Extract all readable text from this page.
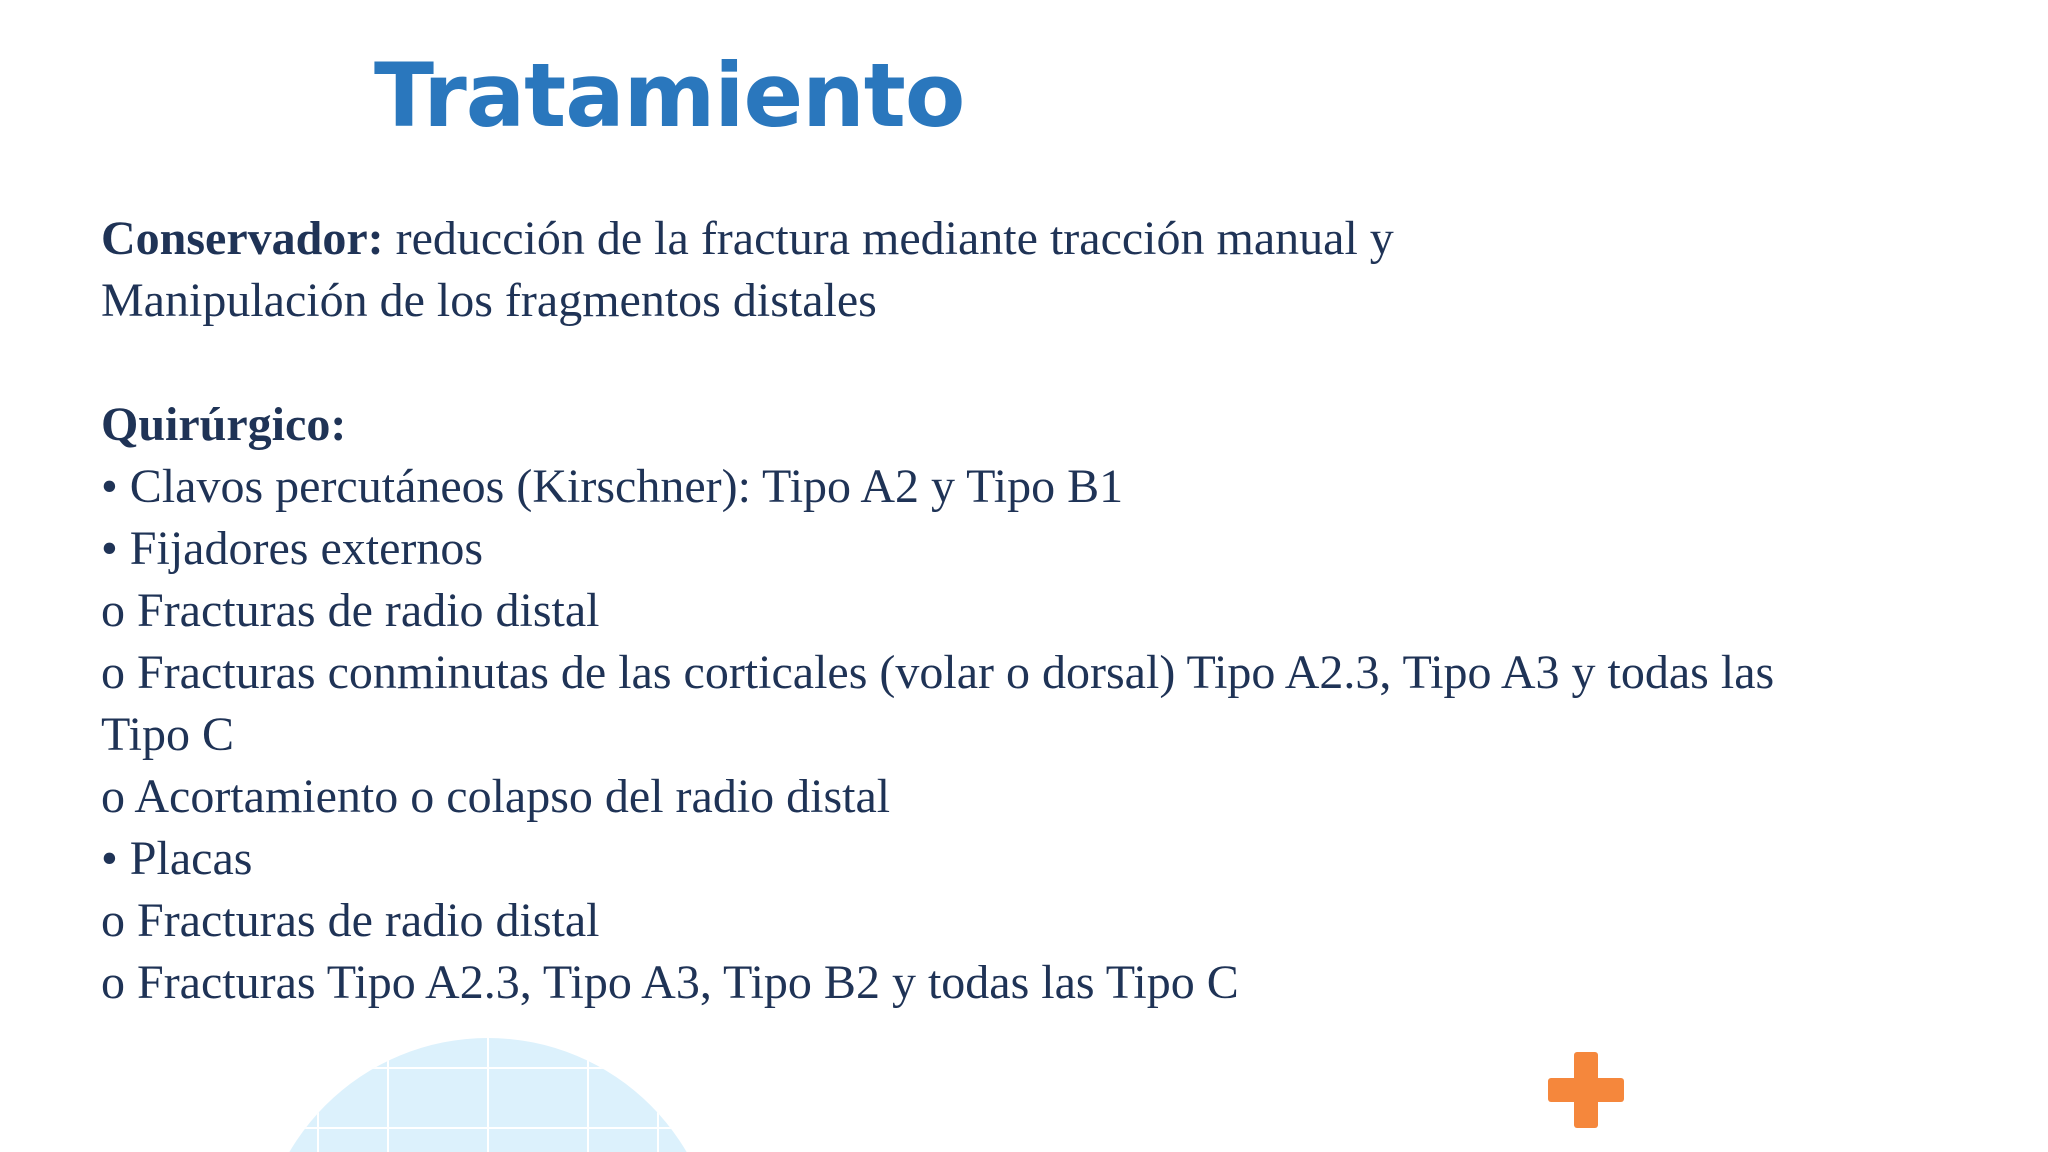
Tratamiento
Conservador: reducción de la fractura mediante tracción manual y
Manipulación de los fragmentos distales
Quirúrgico:
• Clavos percutáneos (Kirschner): Tipo A2 y Tipo B1
• Fijadores externos
o Fracturas de radio distal
o Fracturas conminutas de las corticales (volar o dorsal) Tipo A2.3, Tipo A3 y todas las
Tipo C
o Acortamiento o colapso del radio distal
• Placas
o Fracturas de radio distal
o Fracturas Tipo A2.3, Tipo A3, Tipo B2 y todas las Tipo C
